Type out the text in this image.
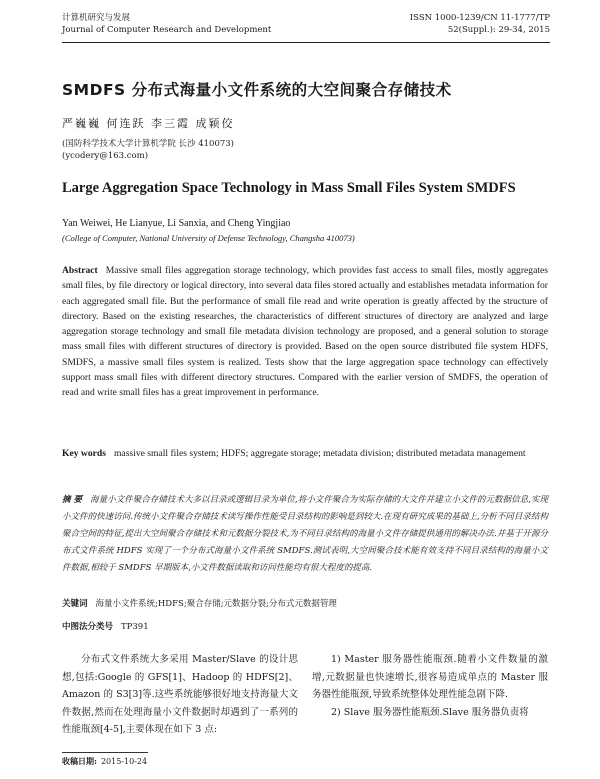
计算机研究与发展
Journal of Computer Research and Development
ISSN 1000-1239/CN 11-1777/TP
52(Suppl.): 29-34, 2015
SMDFS 分布式海量小文件系统的大空间聚合存储技术
严巍巍 何连跃 李三霞 成颖佼
(国防科学技术大学计算机学院 长沙 410073)
(ycodery@163.com)
Large Aggregation Space Technology in Mass Small Files System SMDFS
Yan Weiwei, He Lianyue, Li Sanxia, and Cheng Yingjiao
(College of Computer, National University of Defense Technology, Changsha 410073)
Abstract Massive small files aggregation storage technology, which provides fast access to small files, mostly aggregates small files, by file directory or logical directory, into several data files stored actually and establishes metadata information for each aggregated small file. But the performance of small file read and write operation is greatly affected by the structure of directory. Based on the existing researches, the characteristics of different structures of directory are analyzed and large aggregation storage technology and small file metadata division technology are proposed, and a general solution to storage mass small files with different structures of directory is provided. Based on the open source distributed file system HDFS, SMDFS, a massive small files system is realized. Tests show that the large aggregation space technology can effectively support mass small files with different directory structures. Compared with the earlier version of SMDFS, the operation of read and write small files has a great improvement in performance.
Key words massive small files system; HDFS; aggregate storage; metadata division; distributed metadata management
摘 要 海量小文件聚合存储技术大多以目录或逻辑目录为单位,将小文件聚合为实际存储的大文件并建立小文件的元数据信息,实现小文件的快速访问.传统小文件聚合存储技术读写操作性能受目录结构的影响是到较大.在现有研究成果的基础上,分析不同目录结构聚合空间的特征,提出大空间聚合存储技术和元数据分裂技术,为不同目录结构的海量小文件存储提供通用的解决办法.并基于开源分布式文件系统 HDFS 实现了一个分布式海量小文件系统 SMDFS.测试表明,大空间聚合技术能有效支持不同目录结构的海量小文件数据,相较于 SMDFS 早期版本,小文件数据读取和访问性能均有很大程度的提高.
关键词 海量小文件系统;HDFS;聚合存储;元数据分裂;分布式元数据管理
中图法分类号 TP391
分布式文件系统大多采用 Master/Slave 的设计思想,包括:Google 的 GFS[1]、Hadoop 的 HDFS[2]、Amazon 的 S3[3]等.这些系统能够很好地支持海量大文件数据,然而在处理海量小文件数据时却遇到了一系列的性能瓶颈[4-5],主要体现在如下 3 点:

1) Master 服务器性能瓶颈.随着小文件数量的激增,元数据量也快速增长,很容易造成单点的 Master 服务器性能瓶颈,导致系统整体处理性能急剧下降.

2) Slave 服务器性能瓶颈.Slave 服务器负责将

收稿日期: 2015-10-24
